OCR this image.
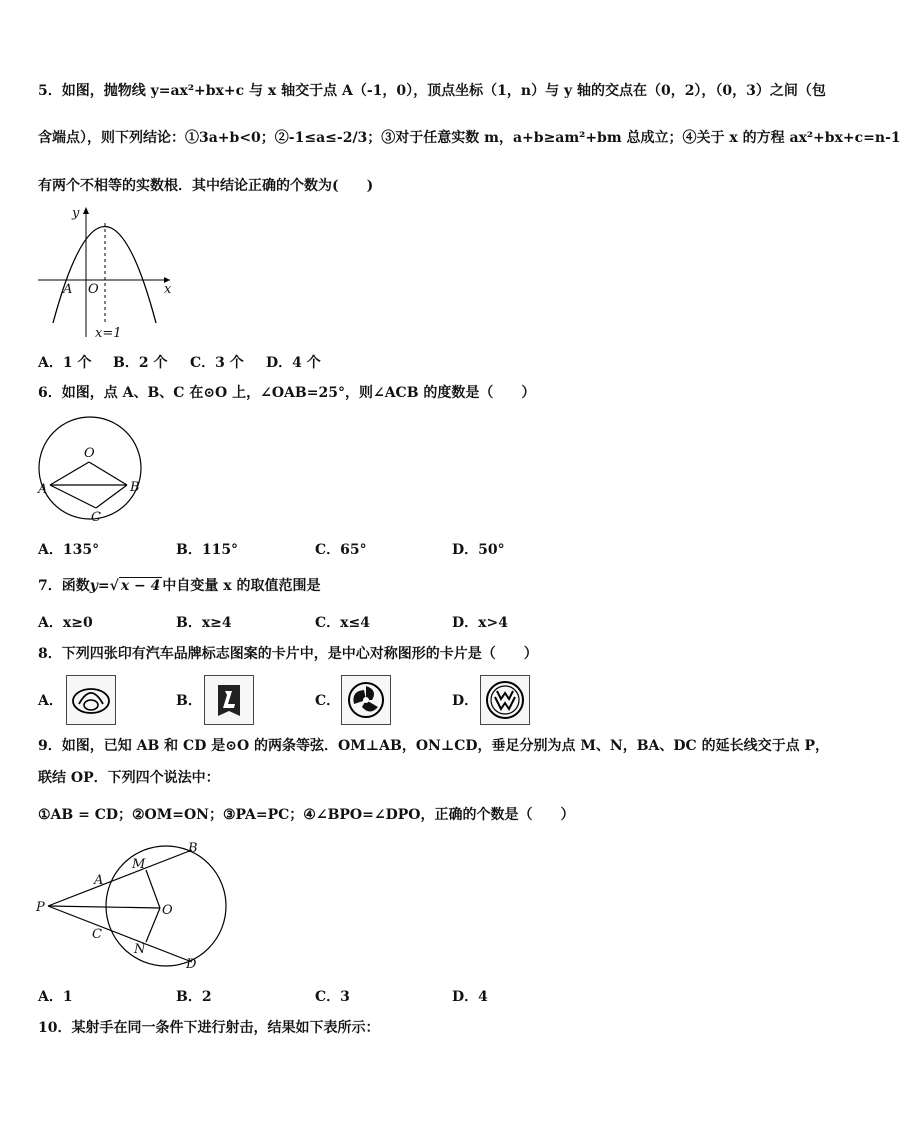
5．如图，抛物线 y=ax²+bx+c 与 x 轴交于点 A（-1，0），顶点坐标（1，n）与 y 轴的交点在（0，2），（0，3）之间（包
含端点），则下列结论：①3a+b<0；②-1≤a≤-2/3；③对于任意实数 m，a+b≥am²+bm 总成立；④关于 x 的方程 ax²+bx+c=n-1
有两个不相等的实数根．其中结论正确的个数为(　　)
y
x
A O
x=1
A．1 个 B．2 个 C．3 个 D．4 个
6．如图，点 A、B、C 在⊙O 上，∠OAB=25°，则∠ACB 的度数是（　　）
O
A	B
C
A．135°	B．115°	C．65°	D．50°
7．函数y=√ x − 4 中自变量 x 的取值范围是
A．x≥0	B．x≥4	C．x≤4	D．x>4
8．下列四张印有汽车品牌标志图案的卡片中，是中心对称图形的卡片是（　　）
A．	B．	C．	D．
9．如图，已知 AB 和 CD 是⊙O 的两条等弦．OM⊥AB，ON⊥CD，垂足分别为点 M、N，BA、DC 的延长线交于点 P，
联结 OP．下列四个说法中：
①AB = CD；②OM=ON；③PA=PC；④∠BPO=∠DPO，正确的个数是（　　）
P
A
B
C
D
M
N
O
A．1	B．2	C．3	D．4
10．某射手在同一条件下进行射击，结果如下表所示：
